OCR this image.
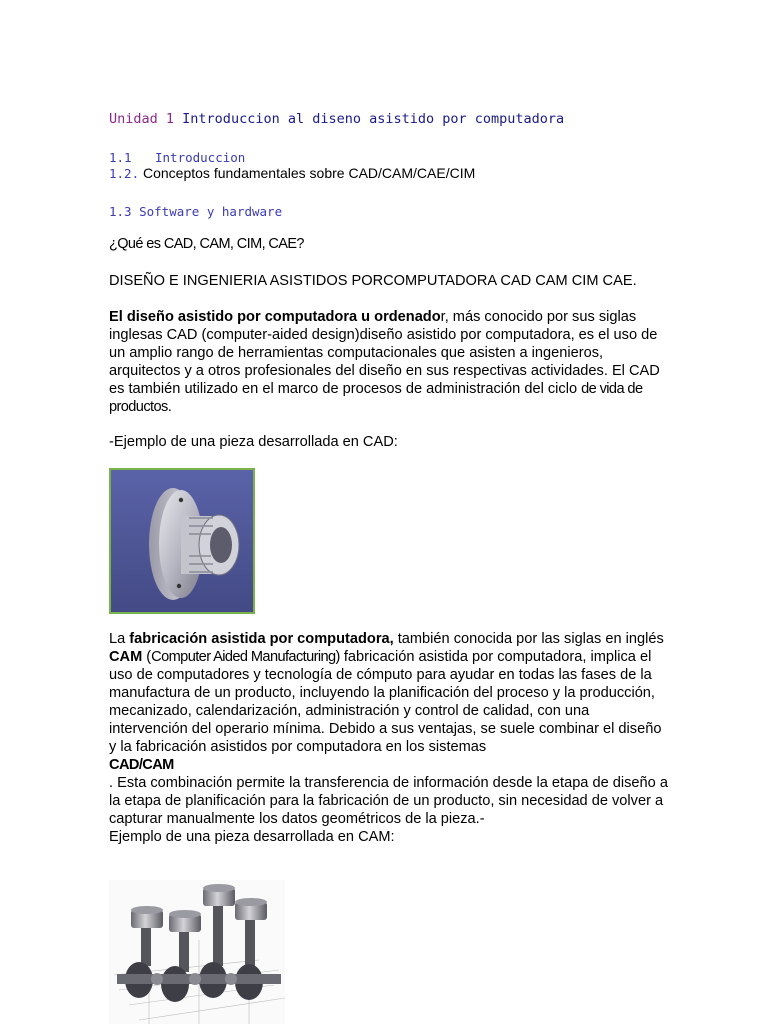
Unidad 1 Introduccion al diseno asistido por computadora
1.1 Introduccion
1.2. Conceptos fundamentales sobre CAD/CAM/CAE/CIM
1.3 Software y hardware
¿Qué es CAD, CAM, CIM, CAE?
DISEÑO E INGENIERIA ASISTIDOS PORCOMPUTADORA CAD CAM CIM CAE.
El diseño asistido por computadora u ordenador, más conocido por sus siglas inglesas CAD (computer-aided design)diseño asistido por computadora, es el uso de un amplio rango de herramientas computacionales que asisten a ingenieros, arquitectos y a otros profesionales del diseño en sus respectivas actividades. El CAD es también utilizado en el marco de procesos de administración del ciclo de vida de productos.
-Ejemplo de una pieza desarrollada en CAD:
La fabricación asistida por computadora, también conocida por las siglas en inglés CAM (Computer Aided Manufacturing) fabricación asistida por computadora, implica el uso de computadores y tecnología de cómputo para ayudar en todas las fases de la manufactura de un producto, incluyendo la planificación del proceso y la producción, mecanizado, calendarización, administración y control de calidad, con una intervención del operario mínima. Debido a sus ventajas, se suele combinar el diseño y la fabricación asistidos por computadora en los sistemas
CAD/CAM
. Esta combinación permite la transferencia de información desde la etapa de diseño a la etapa de planificación para la fabricación de un producto, sin necesidad de volver a capturar manualmente los datos geométricos de la pieza.-
Ejemplo de una pieza desarrollada en CAM:
